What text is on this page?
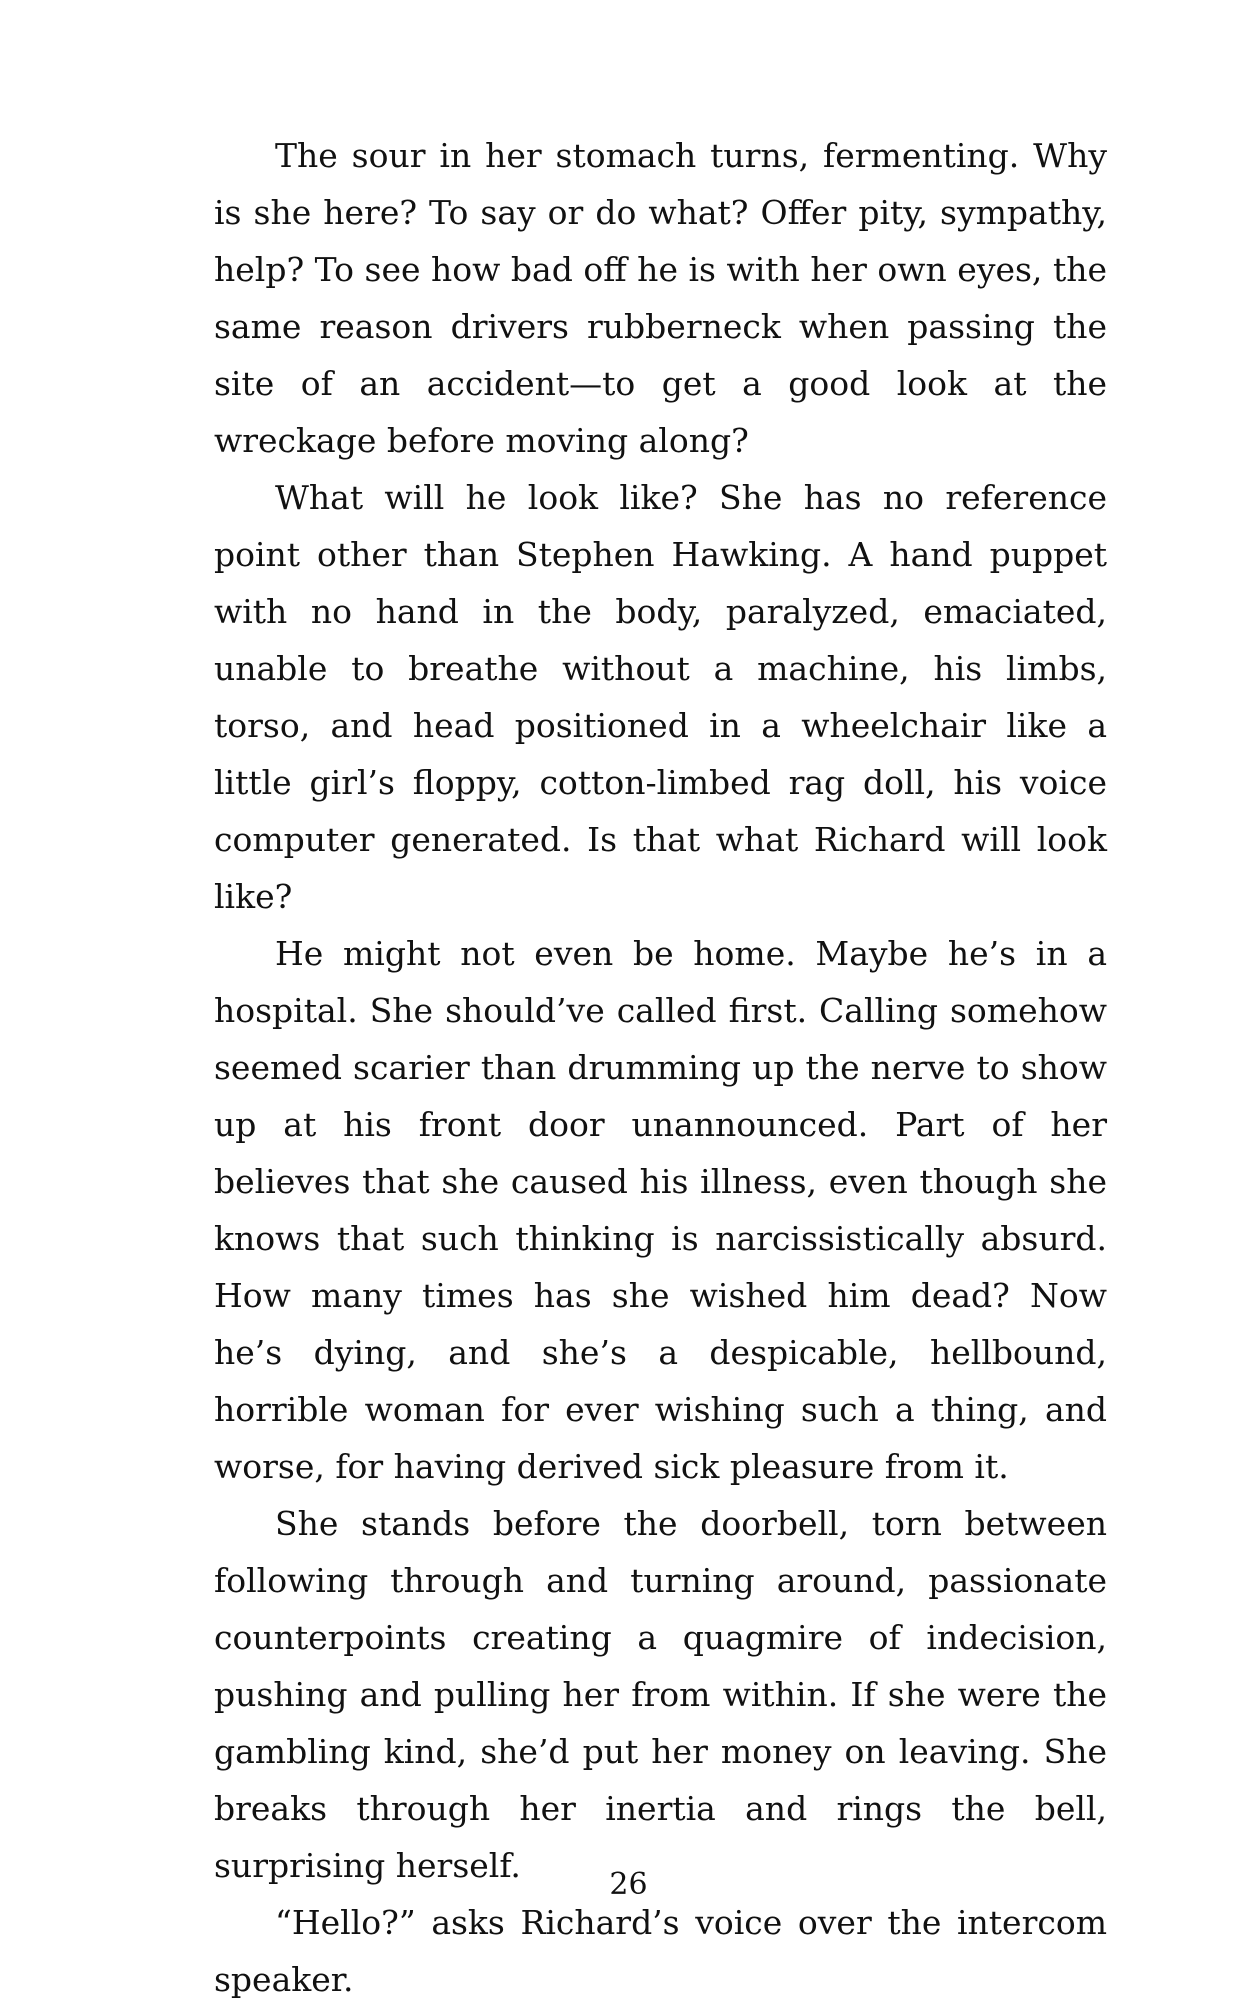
The sour in her stomach turns, fermenting. Why is she here? To say or do what? Offer pity, sympathy, help? To see how bad off he is with her own eyes, the same reason drivers rubberneck when passing the site of an accident—to get a good look at the wreckage before moving along?

What will he look like? She has no reference point other than Stephen Hawking. A hand puppet with no hand in the body, paralyzed, emaciated, unable to breathe without a machine, his limbs, torso, and head positioned in a wheelchair like a little girl’s floppy, cotton-limbed rag doll, his voice computer generated. Is that what Richard will look like?

He might not even be home. Maybe he’s in a hospital. She should’ve called first. Calling somehow seemed scarier than drumming up the nerve to show up at his front door unannounced. Part of her believes that she caused his illness, even though she knows that such thinking is narcissistically absurd. How many times has she wished him dead? Now he’s dying, and she’s a despicable, hellbound, horrible woman for ever wishing such a thing, and worse, for having derived sick pleasure from it.

She stands before the doorbell, torn between following through and turning around, passionate counterpoints creating a quagmire of indecision, pushing and pulling her from within. If she were the gambling kind, she’d put her money on leaving. She breaks through her inertia and rings the bell, surprising herself.

“Hello?” asks Richard’s voice over the intercom speaker.

26
